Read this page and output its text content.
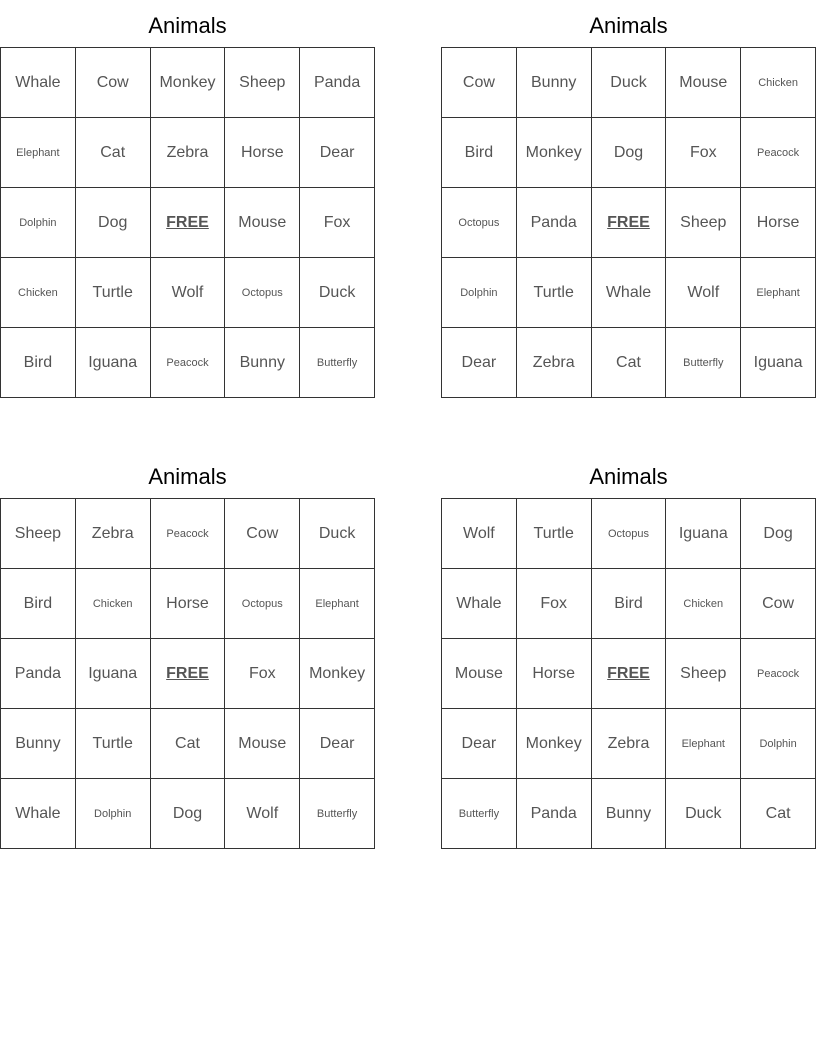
Animals
Whale	Cow	Monkey	Sheep	Panda
Elephant	Cat	Zebra	Horse	Dear
Dolphin	Dog	FREE	Mouse	Fox
Chicken	Turtle	Wolf	Octopus	Duck
Bird	Iguana	Peacock	Bunny	Butterfly
Animals
Cow	Bunny	Duck	Mouse	Chicken
Bird	Monkey	Dog	Fox	Peacock
Octopus	Panda	FREE	Sheep	Horse
Dolphin	Turtle	Whale	Wolf	Elephant
Dear	Zebra	Cat	Butterfly	Iguana
Animals
Sheep	Zebra	Peacock	Cow	Duck
Bird	Chicken	Horse	Octopus	Elephant
Panda	Iguana	FREE	Fox	Monkey
Bunny	Turtle	Cat	Mouse	Dear
Whale	Dolphin	Dog	Wolf	Butterfly
Animals
Wolf	Turtle	Octopus	Iguana	Dog
Whale	Fox	Bird	Chicken	Cow
Mouse	Horse	FREE	Sheep	Peacock
Dear	Monkey	Zebra	Elephant	Dolphin
Butterfly	Panda	Bunny	Duck	Cat
